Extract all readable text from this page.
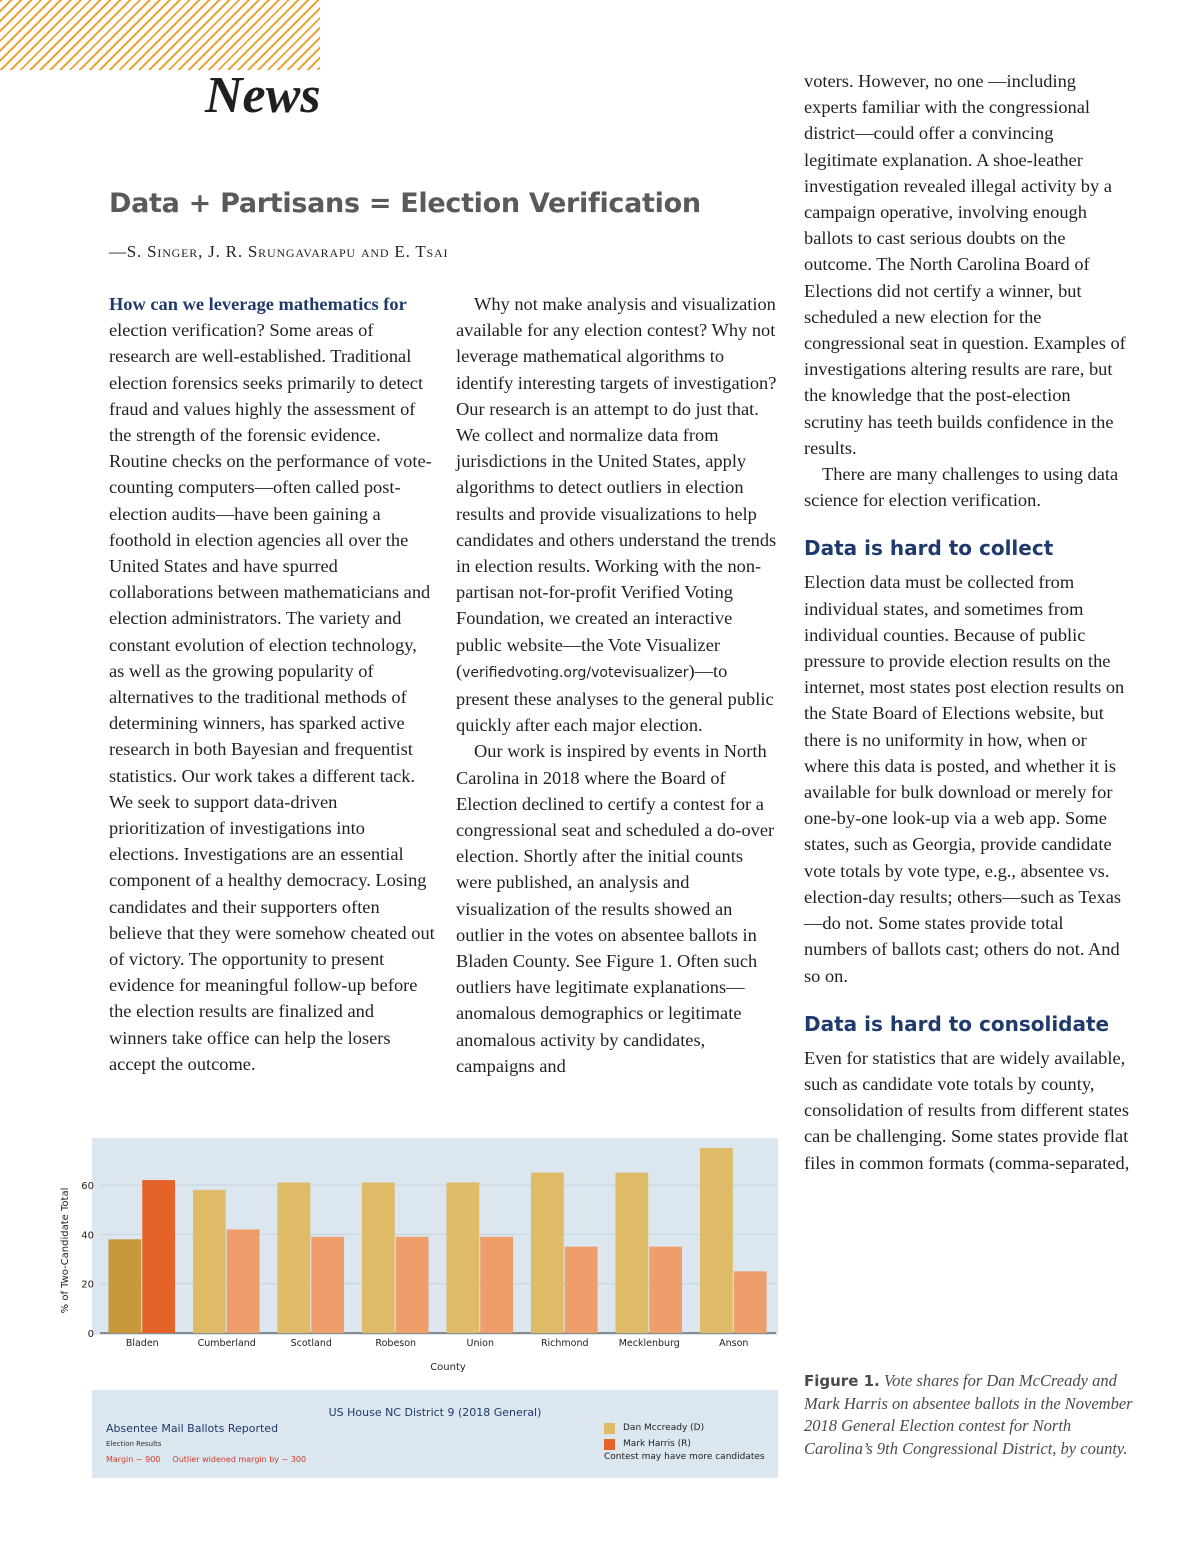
News
Data + Partisans = Election Verification

—S. Singer, J. R. Srungavarapu and E. Tsai

How can we leverage mathematics for election verification? Some areas of research are well-established. Traditional election forensics seeks primarily to detect fraud and values highly the assessment of the strength of the forensic evidence. Routine checks on the performance of vote-counting computers—often called post-election audits—have been gaining a foothold in election agencies all over the United States and have spurred collaborations between mathematicians and election administrators. The variety and constant evolution of election technology, as well as the growing popularity of alternatives to the traditional methods of determining winners, has sparked active research in both Bayesian and frequentist statistics. Our work takes a different tack. We seek to support data-driven prioritization of investigations into elections. Investigations are an essential component of a healthy democracy. Losing candidates and their supporters often believe that they were somehow cheated out of victory. The opportunity to present evidence for meaningful follow-up before the election results are finalized and winners take office can help the losers accept the outcome.

Why not make analysis and visualization available for any election contest? Why not leverage mathematical algorithms to identify interesting targets of investigation? Our research is an attempt to do just that. We collect and normalize data from jurisdictions in the United States, apply algorithms to detect outliers in election results and provide visualizations to help candidates and others understand the trends in election results. Working with the non-partisan not-for-profit Verified Voting Foundation, we created an interactive public website—the Vote Visualizer (verifiedvoting.org/votevisualizer)—to present these analyses to the general public quickly after each major election.

Our work is inspired by events in North Carolina in 2018 where the Board of Election declined to certify a contest for a congressional seat and scheduled a do-over election. Shortly after the initial counts were published, an analysis and visualization of the results showed an outlier in the votes on absentee ballots in Bladen County. See Figure 1. Often such outliers have legitimate explanations—anomalous demographics or legitimate anomalous activity by candidates, campaigns and

voters. However, no one —including experts familiar with the congressional district—could offer a convincing legitimate explanation. A shoe-leather investigation revealed illegal activity by a campaign operative, involving enough ballots to cast serious doubts on the outcome. The North Carolina Board of Elections did not certify a winner, but scheduled a new election for the congressional seat in question. Examples of investigations altering results are rare, but the knowledge that the post-election scrutiny has teeth builds confidence in the results.

There are many challenges to using data science for election verification.

Data is hard to collect

Election data must be collected from individual states, and sometimes from individual counties. Because of public pressure to provide election results on the internet, most states post election results on the State Board of Elections website, but there is no uniformity in how, when or where this data is posted, and whether it is available for bulk download or merely for one-by-one look-up via a web app. Some states, such as Georgia, provide candidate vote totals by vote type, e.g., absentee vs. election-day results; others—such as Texas—do not. Some states provide total numbers of ballots cast; others do not. And so on.

Data is hard to consolidate

Even for statistics that are widely available, such as candidate vote totals by county, consolidation of results from different states can be challenging. Some states provide flat files in common formats (comma-separated,

0
20
40
60
Bladen	Cumberland	Scotland	Robeson	Union	Richmond	Mecklenburg	Anson
County
% of Two-Candidate Total
US House NC District 9 (2018 General)
Absentee Mail Ballots Reported
Election Results
Margin ~ 900 Outlier widened margin by ~ 300
Dan Mccready (D)
Mark Harris (R)
Contest may have more candidates

Figure 1. Vote shares for Dan McCready and Mark Harris on absentee ballots in the November 2018 General Election contest for North Carolina’s 9th Congressional District, by county.
